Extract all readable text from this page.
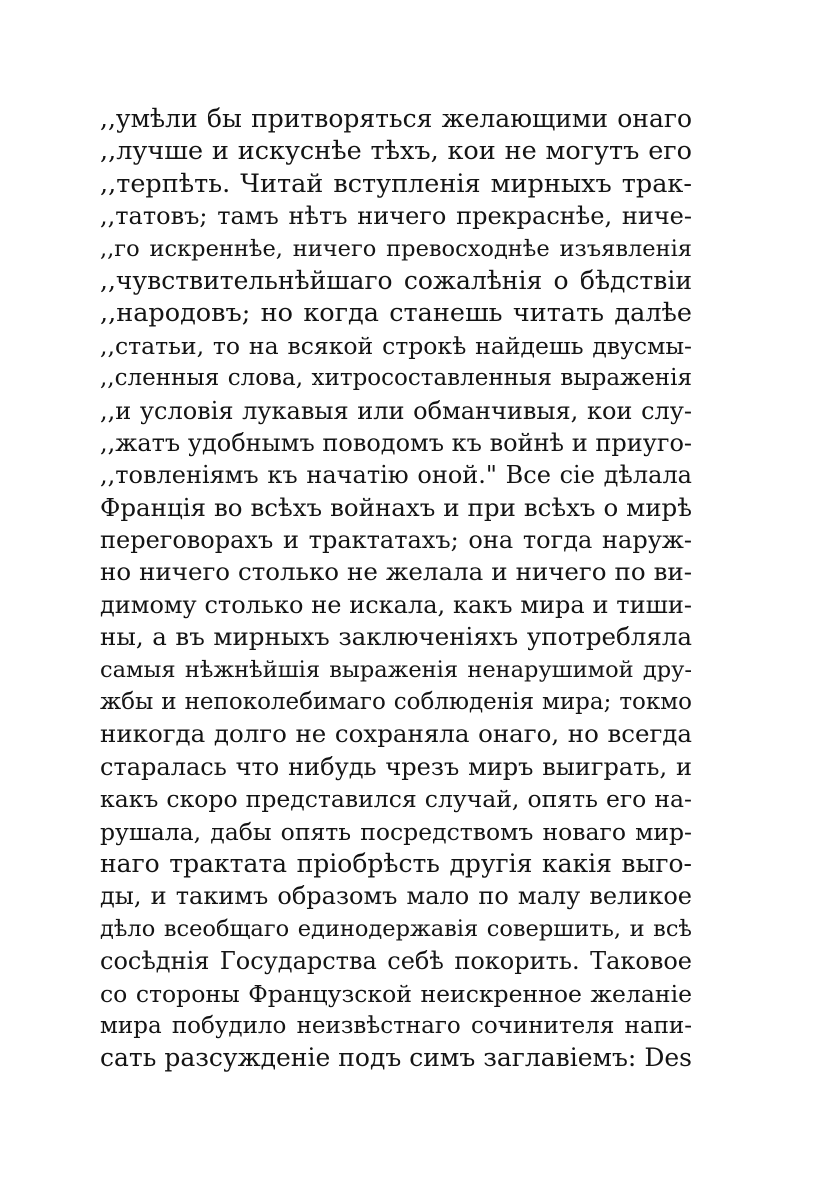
,,умѣли бы притворяться желающими онаго
,,лучше и искуснѣе тѣхъ, кои не могутъ его
,,терпѣть. Читай вступленія мирныхъ трак-
,,татовъ; тамъ нѣтъ ничего прекраснѣе, ниче-
,,го искреннѣе, ничего превосходнѣе изъявленія
,,чувствительнѣйшаго сожалѣнія о бѣдствіи
,,народовъ; но когда станешь читать далѣе
,,статьи, то на всякой строкѣ найдешь двусмы-
,,сленныя слова, хитросоставленныя выраженія
,,и условія лукавыя или обманчивыя, кои слу-
,,жатъ удобнымъ поводомъ къ войнѣ и приуго-
,,товленіямъ къ начатію оной." Все сіе дѣлала
Франція во всѣхъ войнахъ и при всѣхъ о мирѣ
переговорахъ и трактатахъ; она тогда наруж-
но ничего столько не желала и ничего по ви-
димому столько не искала, какъ мира и тиши-
ны, а въ мирныхъ заключеніяхъ употребляла
самыя нѣжнѣйшія выраженія ненарушимой дру-
жбы и непоколебимаго соблюденія мира; токмо
никогда долго не сохраняла онаго, но всегда
старалась что нибудь чрезъ миръ выиграть, и
какъ скоро представился случай, опять его на-
рушала, дабы опять посредствомъ новаго мир-
наго трактата пріобрѣсть другія какія выго-
ды, и такимъ образомъ мало по малу великое
дѣло всеобщаго единодержавія совершить, и всѣ
сосѣднія Государства себѣ покорить. Таковое
со стороны Французской неискренное желаніе
мира побудило неизвѣстнаго сочинителя напи-
сать разсужденіе подъ симъ заглавіемъ: Des
